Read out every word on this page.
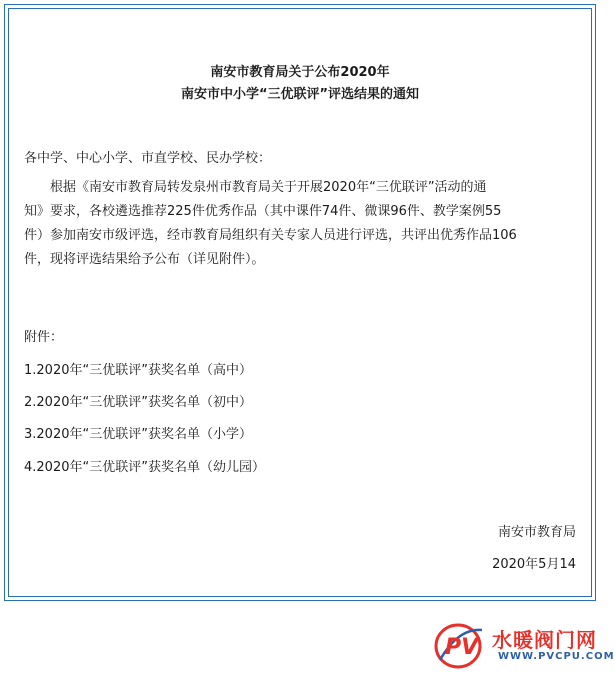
南安市教育局关于公布2020年
南安市中小学“三优联评”评选结果的通知

各中学、中心小学、市直学校、民办学校：

　　根据《南安市教育局转发泉州市教育局关于开展2020年“三优联评”活动的通
知》要求，各校遴选推荐225件优秀作品（其中课件74件、微课96件、教学案例55
件）参加南安市级评选，经市教育局组织有关专家人员进行评选，共评出优秀作品106
件，现将评选结果给予公布（详见附件）。

附件：

1.2020年“三优联评”获奖名单（高中）

2.2020年“三优联评”获奖名单（初中）

3.2020年“三优联评”获奖名单（小学）

4.2020年“三优联评”获奖名单（幼儿园）

南安市教育局
2020年5月14
PV 水暖阀门网
WWW.PVCPU.COM
